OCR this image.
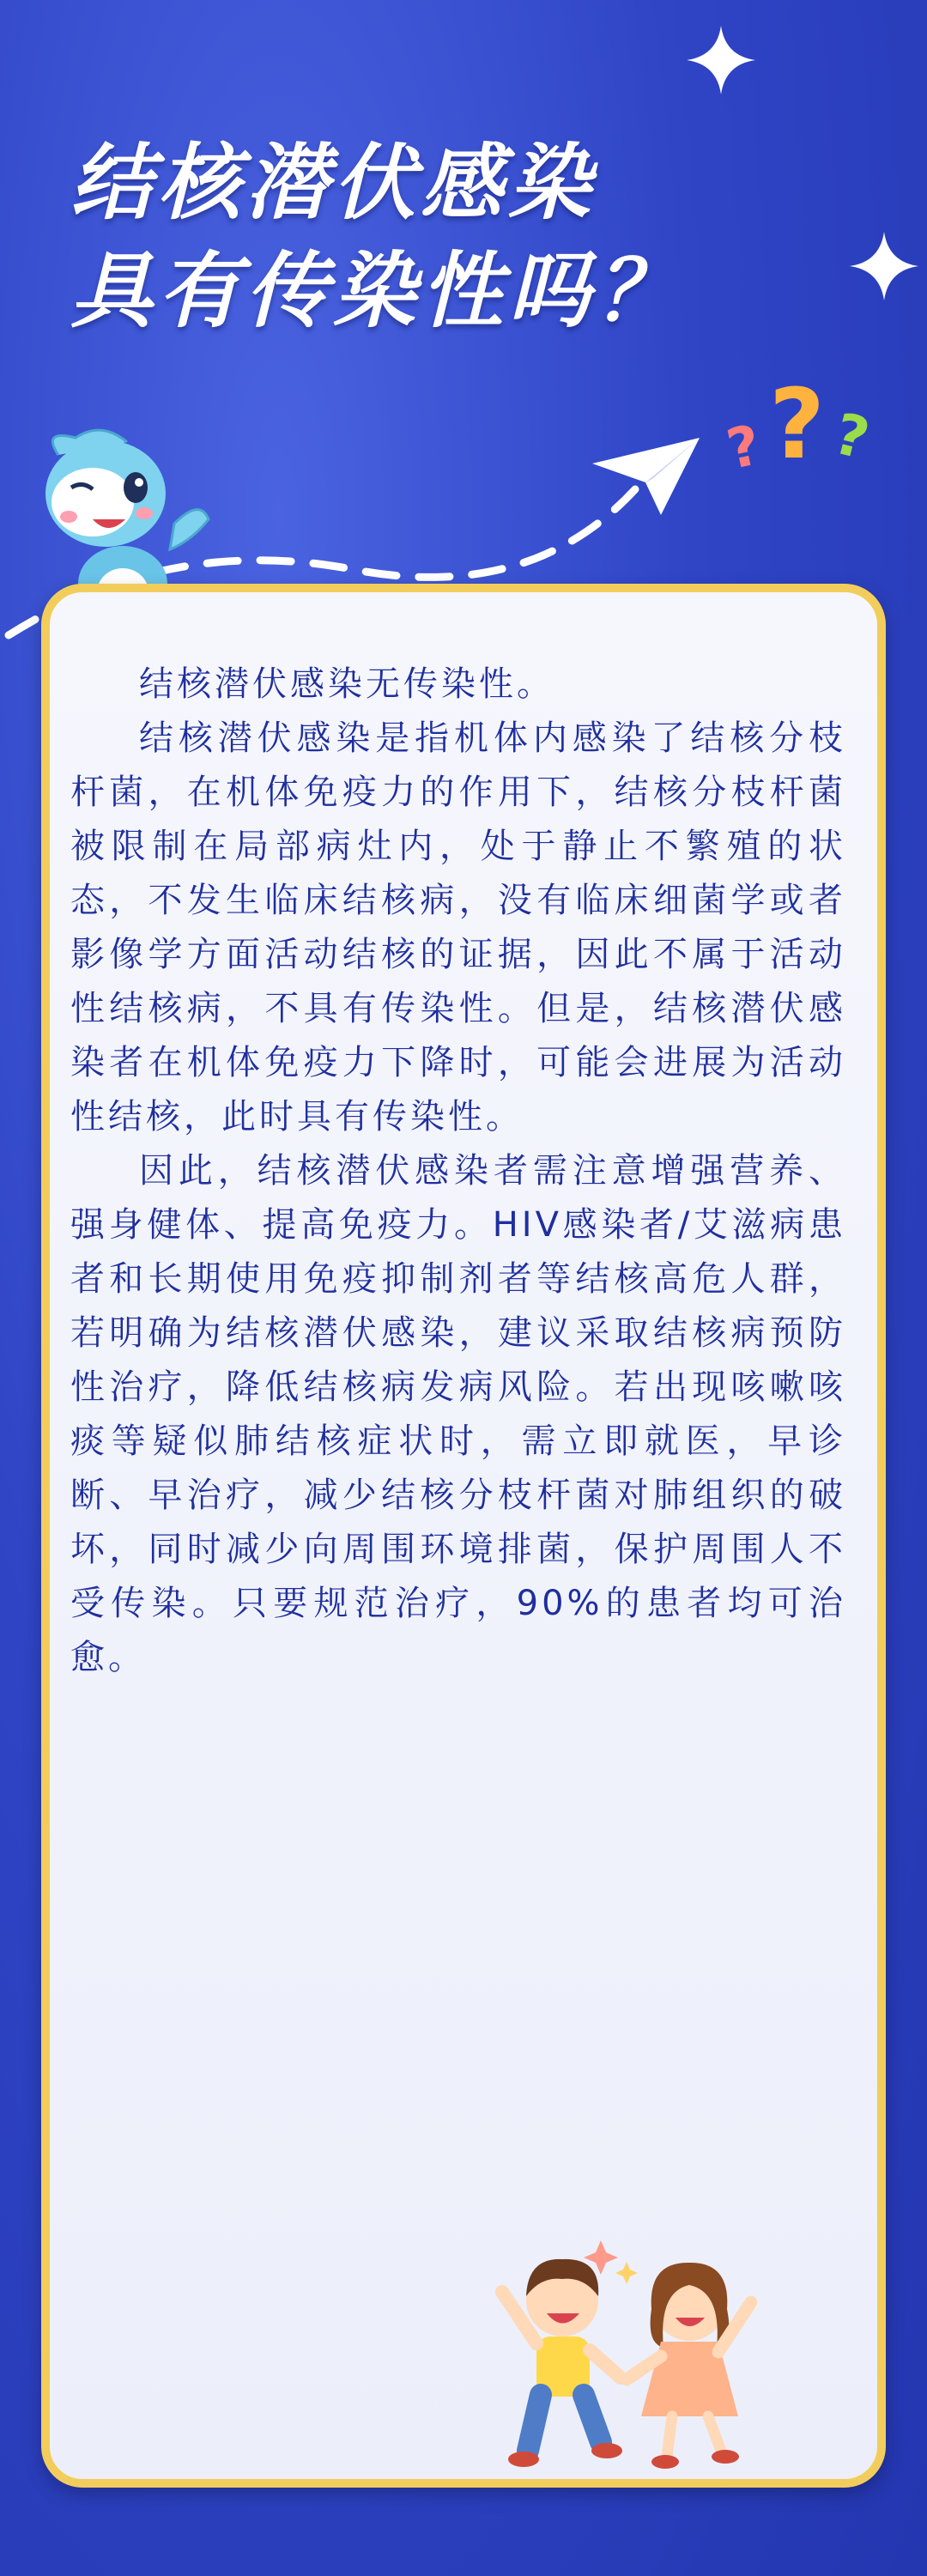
结核潜伏感染
具有传染性吗？
? ? ?

结核潜伏感染无传染性。

结核潜伏感染是指机体内感染了结核分枝杆菌，在机体免疫力的作用下，结核分枝杆菌被限制在局部病灶内，处于静止不繁殖的状态，不发生临床结核病，没有临床细菌学或者影像学方面活动结核的证据，因此不属于活动性结核病，不具有传染性。但是，结核潜伏感染者在机体免疫力下降时，可能会进展为活动性结核，此时具有传染性。

因此，结核潜伏感染者需注意增强营养、强身健体、提高免疫力。HIV感染者/艾滋病患者和长期使用免疫抑制剂者等结核高危人群，若明确为结核潜伏感染，建议采取结核病预防性治疗，降低结核病发病风险。若出现咳嗽咳痰等疑似肺结核症状时，需立即就医，早诊断、早治疗，减少结核分枝杆菌对肺组织的破坏，同时减少向周围环境排菌，保护周围人不受传染。只要规范治疗，90%的患者均可治愈。
